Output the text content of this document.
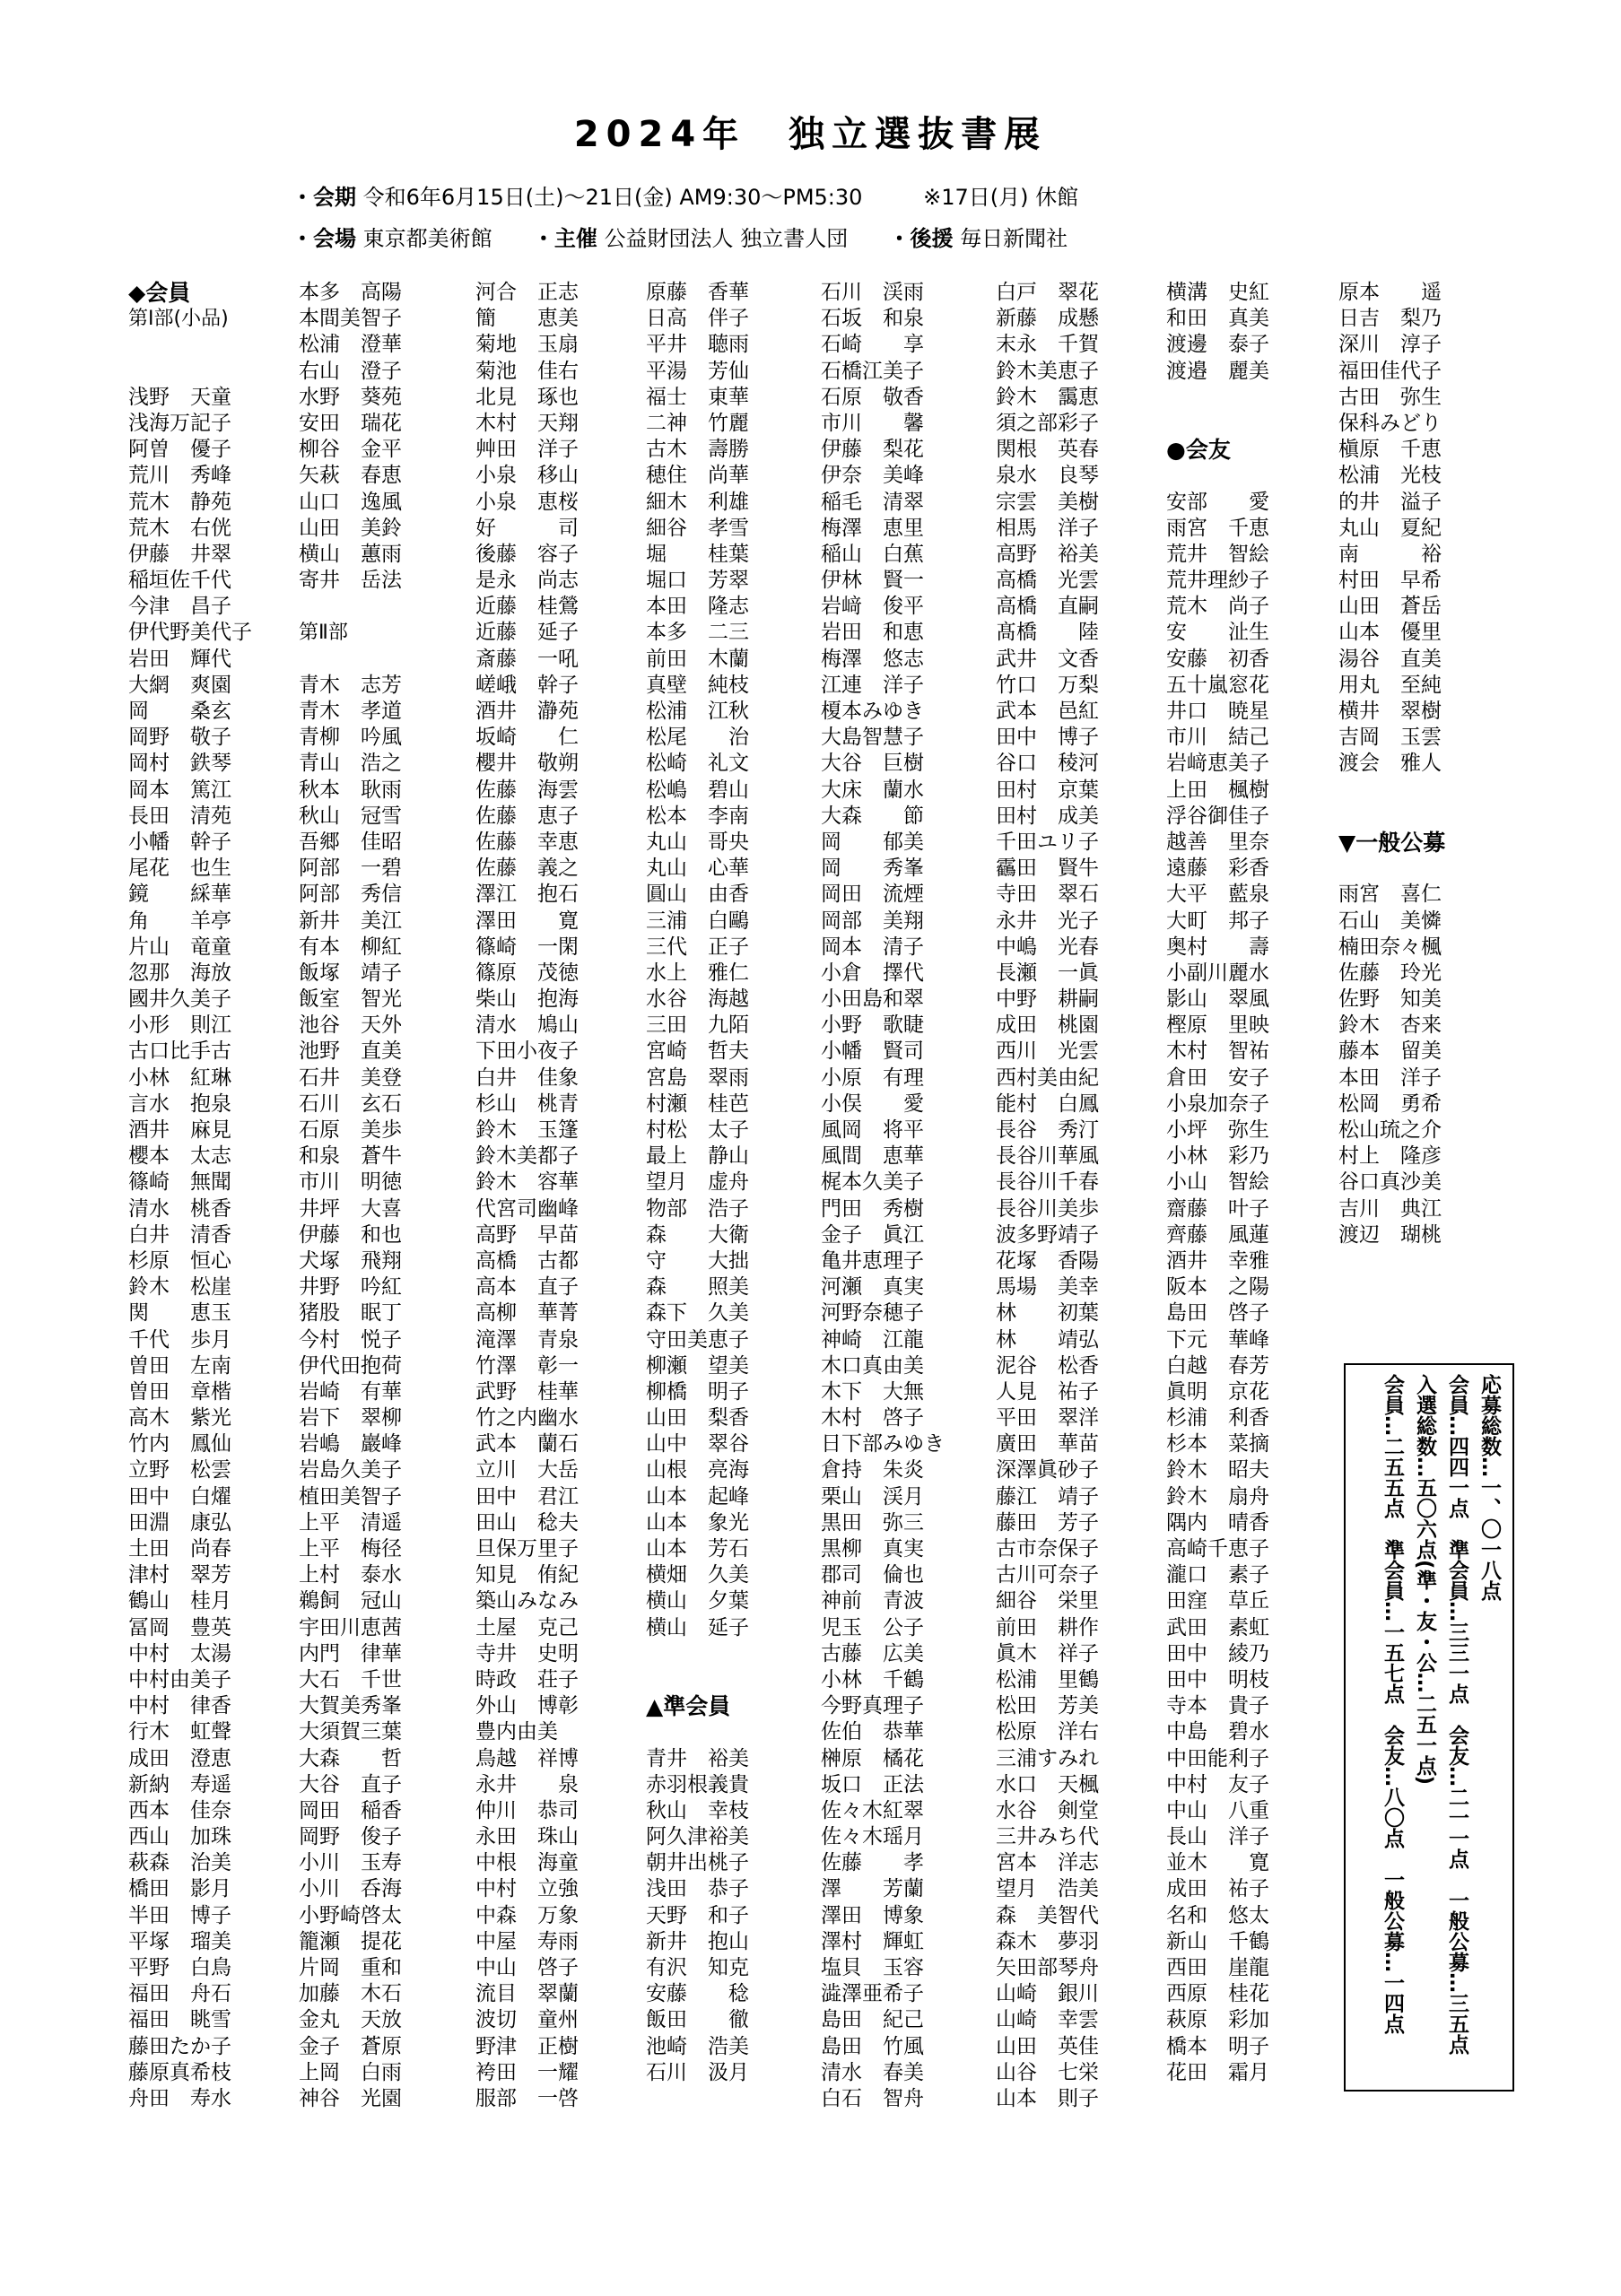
2024年　独立選抜書展
・会期 令和6年6月15日(土)～21日(金) AM9:30～PM5:30	※17日(月) 休館
・会場 東京都美術館 ・主催 公益財団法人 独立書人団 ・後援 毎日新聞社
◆会員
第Ⅰ部(小品)
浅野　天童
浅海万記子
阿曽　優子
荒川　秀峰
荒木　静苑
荒木　右侊
伊藤　井翠
稲垣佐千代
今津　昌子
伊代野美代子
岩田　輝代
大網　爽園
岡　　桑玄
岡野　敬子
岡村　鉄琴
岡本　篤江
長田　清苑
小幡　幹子
尾花　也生
鏡　　綵華
角　　羊亭
片山　竜童
忽那　海放
國井久美子
小形　則江
古口比手古
小林　紅琳
言水　抱泉
酒井　麻見
櫻本　太志
篠崎　無聞
清水　桃香
白井　清香
杉原　恒心
鈴木　松崖
関　　恵玉
千代　歩月
曽田　左南
曽田　章楷
高木　紫光
竹内　鳳仙
立野　松雲
田中　白燿
田淵　康弘
土田　尚春
津村　翠芳
鶴山　桂月
冨岡　豊英
中村　太湯
中村由美子
中村　律香
行木　虹聲
成田　澄恵
新納　寿遥
西本　佳奈
西山　加珠
萩森　治美
橋田　影月
半田　博子
平塚　瑠美
平野　白鳥
福田　舟石
福田　眺雪
藤田たか子
藤原真希枝
舟田　寿水
本多　高陽
本間美智子
松浦　澄華
右山　澄子
水野　葵苑
安田　瑞花
柳谷　金平
矢萩　春恵
山口　逸風
山田　美鈴
横山　蕙雨
寄井　岳法
第Ⅱ部
青木　志芳
青木　孝道
青柳　吟風
青山　浩之
秋本　耿雨
秋山　冠雪
吾郷　佳昭
阿部　一碧
阿部　秀信
新井　美江
有本　柳紅
飯塚　靖子
飯室　智光
池谷　天外
池野　直美
石井　美登
石川　玄石
石原　美歩
和泉　蒼牛
市川　明徳
井坪　大喜
伊藤　和也
犬塚　飛翔
井野　吟紅
猪股　眠丁
今村　悦子
伊代田抱荷
岩崎　有華
岩下　翠柳
岩嶋　巖峰
岩島久美子
植田美智子
上平　清遥
上平　梅径
上村　泰水
鵜飼　冠山
宇田川恵茜
内門　律華
大石　千世
大賀美秀峯
大須賀三葉
大森　　哲
大谷　直子
岡田　稲香
岡野　俊子
小川　玉寿
小川　呑海
小野崎啓太
籠瀬　提花
片岡　重和
加藤　木石
金丸　天放
金子　蒼原
上岡　白雨
神谷　光園
河合　正志
簡　　恵美
菊地　玉扇
菊池　佳右
北見　琢也
木村　天翔
艸田　洋子
小泉　移山
小泉　恵桜
好　　　司
後藤　容子
是永　尚志
近藤　桂鶯
近藤　延子
斎藤　一吼
嵯峨　幹子
酒井　瀞苑
坂崎　　仁
櫻井　敬朔
佐藤　海雲
佐藤　恵子
佐藤　幸恵
佐藤　義之
澤江　抱石
澤田　　寛
篠崎　一閑
篠原　茂徳
柴山　抱海
清水　鳩山
下田小夜子
白井　佳象
杉山　桃青
鈴木　玉篷
鈴木美都子
鈴木　容華
代宮司幽峰
高野　早苗
高橋　古都
高本　直子
高柳　華菁
滝澤　青泉
竹澤　彰一
武野　桂華
竹之内幽水
武本　蘭石
立川　大岳
田中　君江
田山　稔夫
旦保万里子
知見　侑紀
築山みなみ
土屋　克己
寺井　史明
時政　荘子
外山　博彰
豊内由美
鳥越　祥博
永井　　泉
仲川　恭司
永田　珠山
中根　海童
中村　立強
中森　万象
中屋　寿雨
中山　啓子
流目　翠蘭
波切　童州
野津　正樹
袴田　一耀
服部　一啓
原藤　香華
日高　伴子
平井　聴雨
平湯　芳仙
福士　東華
二神　竹麗
古木　壽勝
穂住　尚華
細木　利雄
細谷　孝雪
堀　　桂葉
堀口　芳翠
本田　隆志
本多　二三
前田　木蘭
真壁　純枝
松浦　江秋
松尾　　治
松崎　礼文
松嶋　碧山
松本　李南
丸山　哥央
丸山　心華
圓山　由香
三浦　白鷗
三代　正子
水上　雅仁
水谷　海越
三田　九陌
宮崎　哲夫
宮島　翠雨
村瀬　桂芭
村松　太子
最上　静山
望月　虚舟
物部　浩子
森　　大衛
守　　大拙
森　　照美
森下　久美
守田美恵子
柳瀬　望美
柳橋　明子
山田　梨香
山中　翠谷
山根　亮海
山本　起峰
山本　象光
山本　芳石
横畑　久美
横山　夕葉
横山　延子
▲準会員
青井　裕美
赤羽根義貴
秋山　幸枝
阿久津裕美
朝井出桃子
浅田　恭子
天野　和子
新井　抱山
有沢　知克
安藤　　稔
飯田　　徹
池崎　浩美
石川　汲月
石川　渓雨
石坂　和泉
石崎　　享
石橋江美子
石原　敬香
市川　　馨
伊藤　梨花
伊奈　美峰
稲毛　清翠
梅澤　恵里
稲山　白蕉
伊林　賢一
岩﨑　俊平
岩田　和恵
梅澤　悠志
江連　洋子
榎本みゆき
大島智慧子
大谷　巨樹
大床　蘭水
大森　　節
岡　　郁美
岡　　秀峯
岡田　流煙
岡部　美翔
岡本　清子
小倉　擇代
小田島和翠
小野　歌睫
小幡　賢司
小原　有理
小俣　　愛
風岡　将平
風間　恵華
梶本久美子
門田　秀樹
金子　眞江
亀井恵理子
河瀬　真実
河野奈穂子
神崎　江龍
木口真由美
木下　大無
木村　啓子
日下部みゆき
倉持　朱炎
栗山　渓月
黒田　弥三
黒柳　真実
郡司　倫也
神前　青波
児玉　公子
古藤　広美
小林　千鶴
今野真理子
佐伯　恭華
榊原　橘花
坂口　正法
佐々木紅翠
佐々木瑶月
佐藤　　孝
澤　　芳蘭
澤田　博象
澤村　輝虹
塩貝　玉容
澁澤亜希子
島田　紀己
島田　竹風
清水　春美
白石　智舟
白戸　翠花
新藤　成懸
末永　千賀
鈴木美恵子
鈴木　靄恵
須之部彩子
関根　英春
泉水　良琴
宗雲　美樹
相馬　洋子
高野　裕美
高橋　光雲
高橋　直嗣
髙橋　　陸
武井　文香
竹口　万梨
武本　邑紅
田中　博子
谷口　稜河
田村　京葉
田村　成美
千田ユリ子
靏田　賢牛
寺田　翠石
永井　光子
中嶋　光春
長瀬　一眞
中野　耕嗣
成田　桃園
西川　光雲
西村美由紀
能村　白鳳
長谷　秀汀
長谷川華風
長谷川千春
長谷川美歩
波多野靖子
花塚　香陽
馬場　美幸
林　　初葉
林　　靖弘
泥谷　松香
人見　祐子
平田　翠洋
廣田　華苗
深澤眞砂子
藤江　靖子
藤田　芳子
古市奈保子
古川可奈子
細谷　栄里
前田　耕作
眞木　祥子
松浦　里鶴
松田　芳美
松原　洋右
三浦すみれ
水口　天楓
水谷　剣堂
三井みち代
宮本　洋志
望月　浩美
森　美智代
森木　夢羽
矢田部琴舟
山崎　銀川
山崎　幸雲
山田　英佳
山谷　七栄
山本　則子
横溝　史紅
和田　真美
渡邊　泰子
渡邉　麗美
●会友
安部　　愛
雨宮　千恵
荒井　智絵
荒井理紗子
荒木　尚子
安　　沚生
安藤　初香
五十嵐窓花
井口　暁星
市川　結己
岩﨑恵美子
上田　楓樹
浮谷御佳子
越善　里奈
遠藤　彩香
大平　藍泉
大町　邦子
奥村　　壽
小副川麗水
影山　翠風
樫原　里映
木村　智祐
倉田　安子
小泉加奈子
小坪　弥生
小林　彩乃
小山　智絵
齋藤　叶子
齊藤　風蓮
酒井　幸雅
阪本　之陽
島田　啓子
下元　華峰
白越　春芳
眞明　京花
杉浦　利香
杉本　菜摘
鈴木　昭夫
鈴木　扇舟
隅内　晴香
高崎千恵子
瀧口　素子
田窪　草丘
武田　素虹
田中　綾乃
田中　明枝
寺本　貴子
中島　碧水
中田能利子
中村　友子
中山　八重
長山　洋子
並木　　寛
成田　祐子
名和　悠太
新山　千鶴
西田　崖龍
西原　桂花
萩原　彩加
橋本　明子
花田　霜月
原本　　遥
日吉　梨乃
深川　淳子
福田佳代子
古田　弥生
保科みどり
槇原　千恵
松浦　光枝
的井　溢子
丸山　夏紀
南　　　裕
村田　早希
山田　蒼岳
山本　優里
湯谷　直美
用丸　至純
横井　翠樹
吉岡　玉雲
渡会　雅人
▼一般公募
雨宮　喜仁
石山　美憐
楠田奈々楓
佐藤　玲光
佐野　知美
鈴木　杏来
藤本　留美
本田　洋子
松岡　勇希
松山琉之介
村上　隆彦
谷口真沙美
吉川　典江
渡辺　瑚桃
応募総数…一、〇一八点
会員…四四一点　準会員…三三一点　会友…二一一点　一般公募…三五点
入選総数…五〇六点(準・友・公…二五一点)
会員…二五五点　準会員…一五七点　会友…八〇点　一般公募…一四点
